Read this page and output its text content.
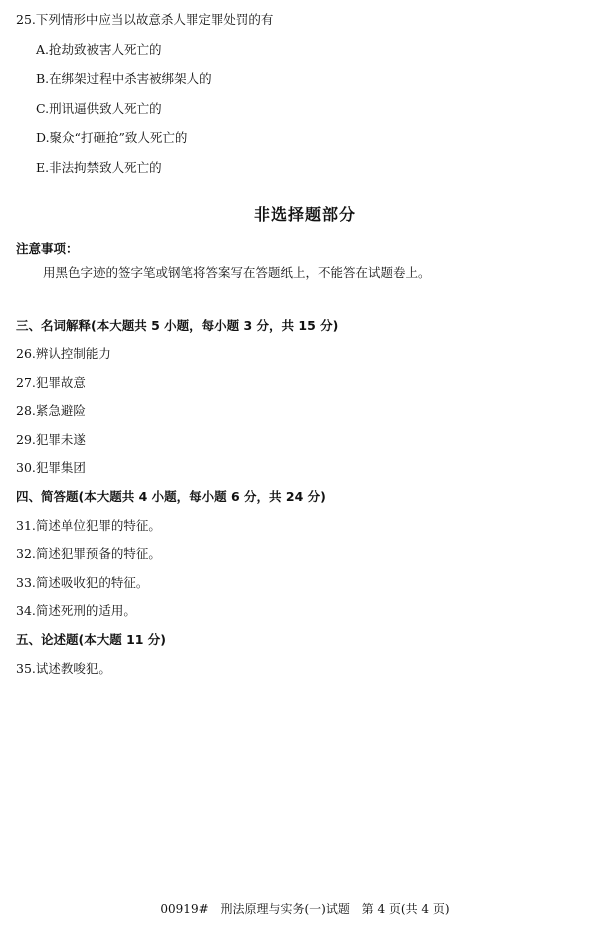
25.下列情形中应当以故意杀人罪定罪处罚的有
A.抢劫致被害人死亡的
B.在绑架过程中杀害被绑架人的
C.刑讯逼供致人死亡的
D.聚众“打砸抢”致人死亡的
E.非法拘禁致人死亡的
非选择题部分
注意事项：
用黑色字迹的签字笔或钢笔将答案写在答题纸上，不能答在试题卷上。
三、名词解释(本大题共 5 小题，每小题 3 分，共 15 分)
26.辨认控制能力
27.犯罪故意
28.紧急避险
29.犯罪未遂
30.犯罪集团
四、简答题(本大题共 4 小题，每小题 6 分，共 24 分)
31.简述单位犯罪的特征。
32.简述犯罪预备的特征。
33.简述吸收犯的特征。
34.简述死刑的适用。
五、论述题(本大题 11 分)
35.试述教唆犯。
00919# 刑法原理与实务(一)试题 第 4 页(共 4 页)
